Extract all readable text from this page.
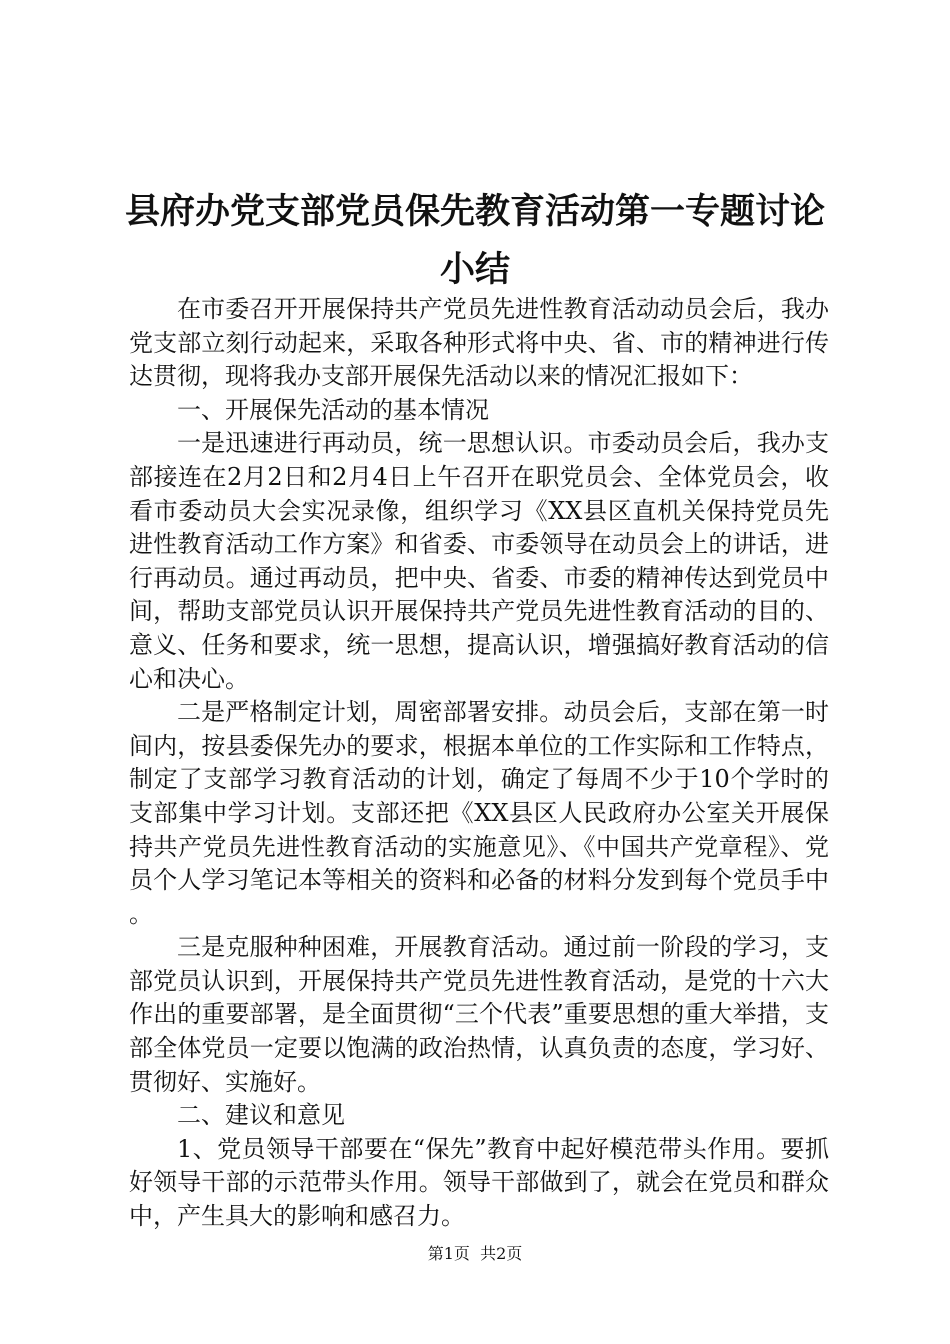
县府办党支部党员保先教育活动第一专题讨论
小结

在市委召开开展保持共产党员先进性教育活动动员会后，我办党支部立刻行动起来，采取各种形式将中央、省、市的精神进行传达贯彻，现将我办支部开展保先活动以来的情况汇报如下：

一、开展保先活动的基本情况

一是迅速进行再动员，统一思想认识。市委动员会后，我办支部接连在2月2日和2月4日上午召开在职党员会、全体党员会，收看市委动员大会实况录像，组织学习《XX县区直机关保持党员先进性教育活动工作方案》和省委、市委领导在动员会上的讲话，进行再动员。通过再动员，把中央、省委、市委的精神传达到党员中间，帮助支部党员认识开展保持共产党员先进性教育活动的目的、意义、任务和要求，统一思想，提高认识，增强搞好教育活动的信心和决心。

二是严格制定计划，周密部署安排。动员会后，支部在第一时间内，按县委保先办的要求，根据本单位的工作实际和工作特点，制定了支部学习教育活动的计划，确定了每周不少于10个学时的支部集中学习计划。支部还把《XX县区人民政府办公室关开展保持共产党员先进性教育活动的实施意见》、《中国共产党章程》、党员个人学习笔记本等相关的资料和必备的材料分发到每个党员手中。

三是克服种种困难，开展教育活动。通过前一阶段的学习，支部党员认识到，开展保持共产党员先进性教育活动，是党的十六大作出的重要部署，是全面贯彻“三个代表”重要思想的重大举措，支部全体党员一定要以饱满的政治热情，认真负责的态度，学习好、贯彻好、实施好。

二、建议和意见

1、党员领导干部要在“保先”教育中起好模范带头作用。要抓好领导干部的示范带头作用。领导干部做到了，就会在党员和群众中，产生具大的影响和感召力。

第1页  共2页
